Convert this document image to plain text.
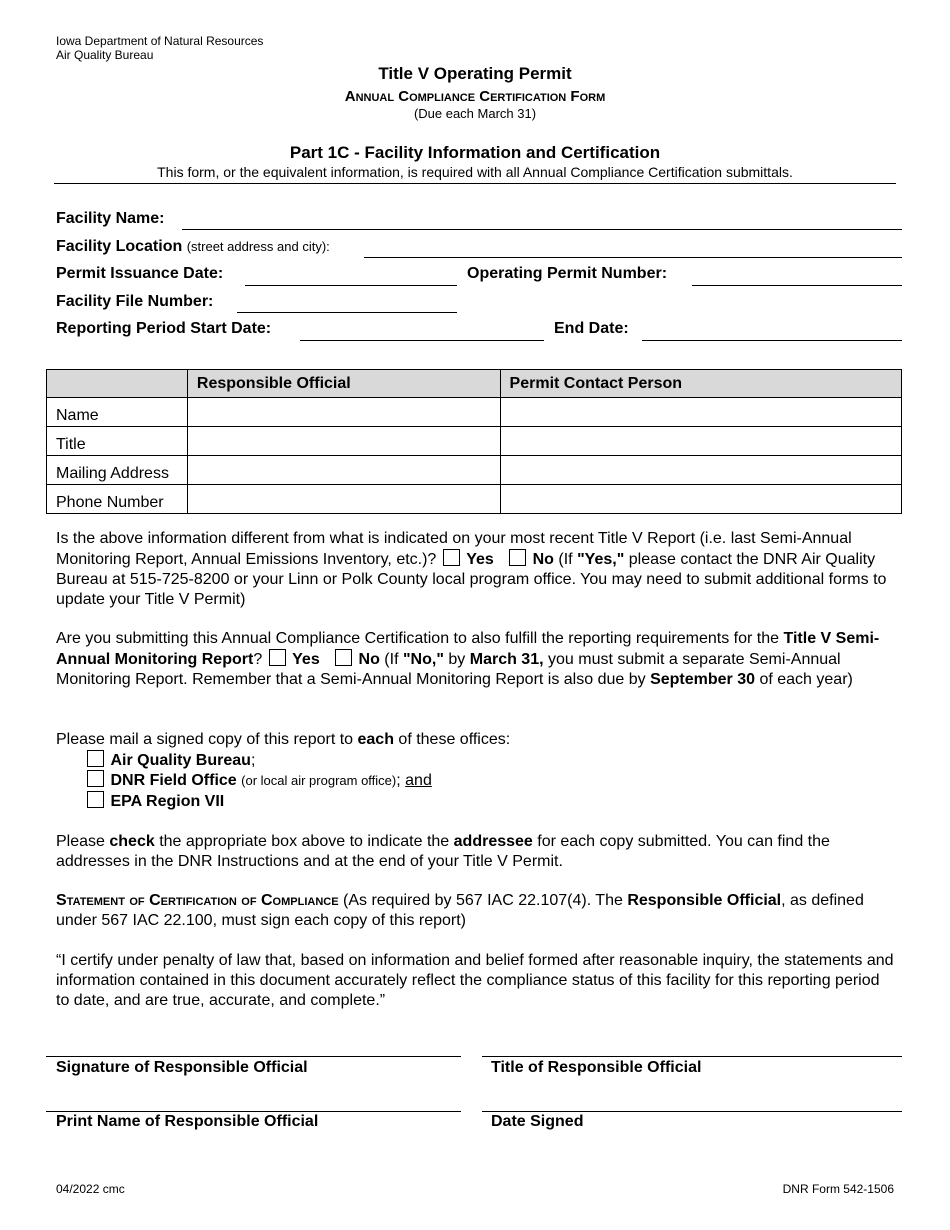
Iowa Department of Natural Resources
Air Quality Bureau
Title V Operating Permit
Annual Compliance Certification Form
(Due each March 31)
Part 1C - Facility Information and Certification
This form, or the equivalent information, is required with all Annual Compliance Certification submittals.
Facility Name:
Facility Location (street address and city):
Permit Issuance Date:	Operating Permit Number:
Facility File Number:
Reporting Period Start Date:	End Date:
	Responsible Official	Permit Contact Person
Name		
Title		
Mailing Address		
Phone Number		
Is the above information different from what is indicated on your most recent Title V Report (i.e. last Semi-Annual Monitoring Report, Annual Emissions Inventory, etc.)? Yes No (If "Yes," please contact the DNR Air Quality Bureau at 515-725-8200 or your Linn or Polk County local program office. You may need to submit additional forms to update your Title V Permit)
Are you submitting this Annual Compliance Certification to also fulfill the reporting requirements for the Title V Semi-Annual Monitoring Report? Yes No (If "No," by March 31, you must submit a separate Semi-Annual Monitoring Report. Remember that a Semi-Annual Monitoring Report is also due by September 30 of each year)
Please mail a signed copy of this report to each of these offices:
Air Quality Bureau;
DNR Field Office (or local air program office); and
EPA Region VII
Please check the appropriate box above to indicate the addressee for each copy submitted. You can find the addresses in the DNR Instructions and at the end of your Title V Permit.
Statement of Certification of Compliance (As required by 567 IAC 22.107(4). The Responsible Official, as defined under 567 IAC 22.100, must sign each copy of this report)
“I certify under penalty of law that, based on information and belief formed after reasonable inquiry, the statements and information contained in this document accurately reflect the compliance status of this facility for this reporting period to date, and are true, accurate, and complete.”
Signature of Responsible Official	Title of Responsible Official
Print Name of Responsible Official	Date Signed
04/2022 cmc	DNR Form 542-1506
